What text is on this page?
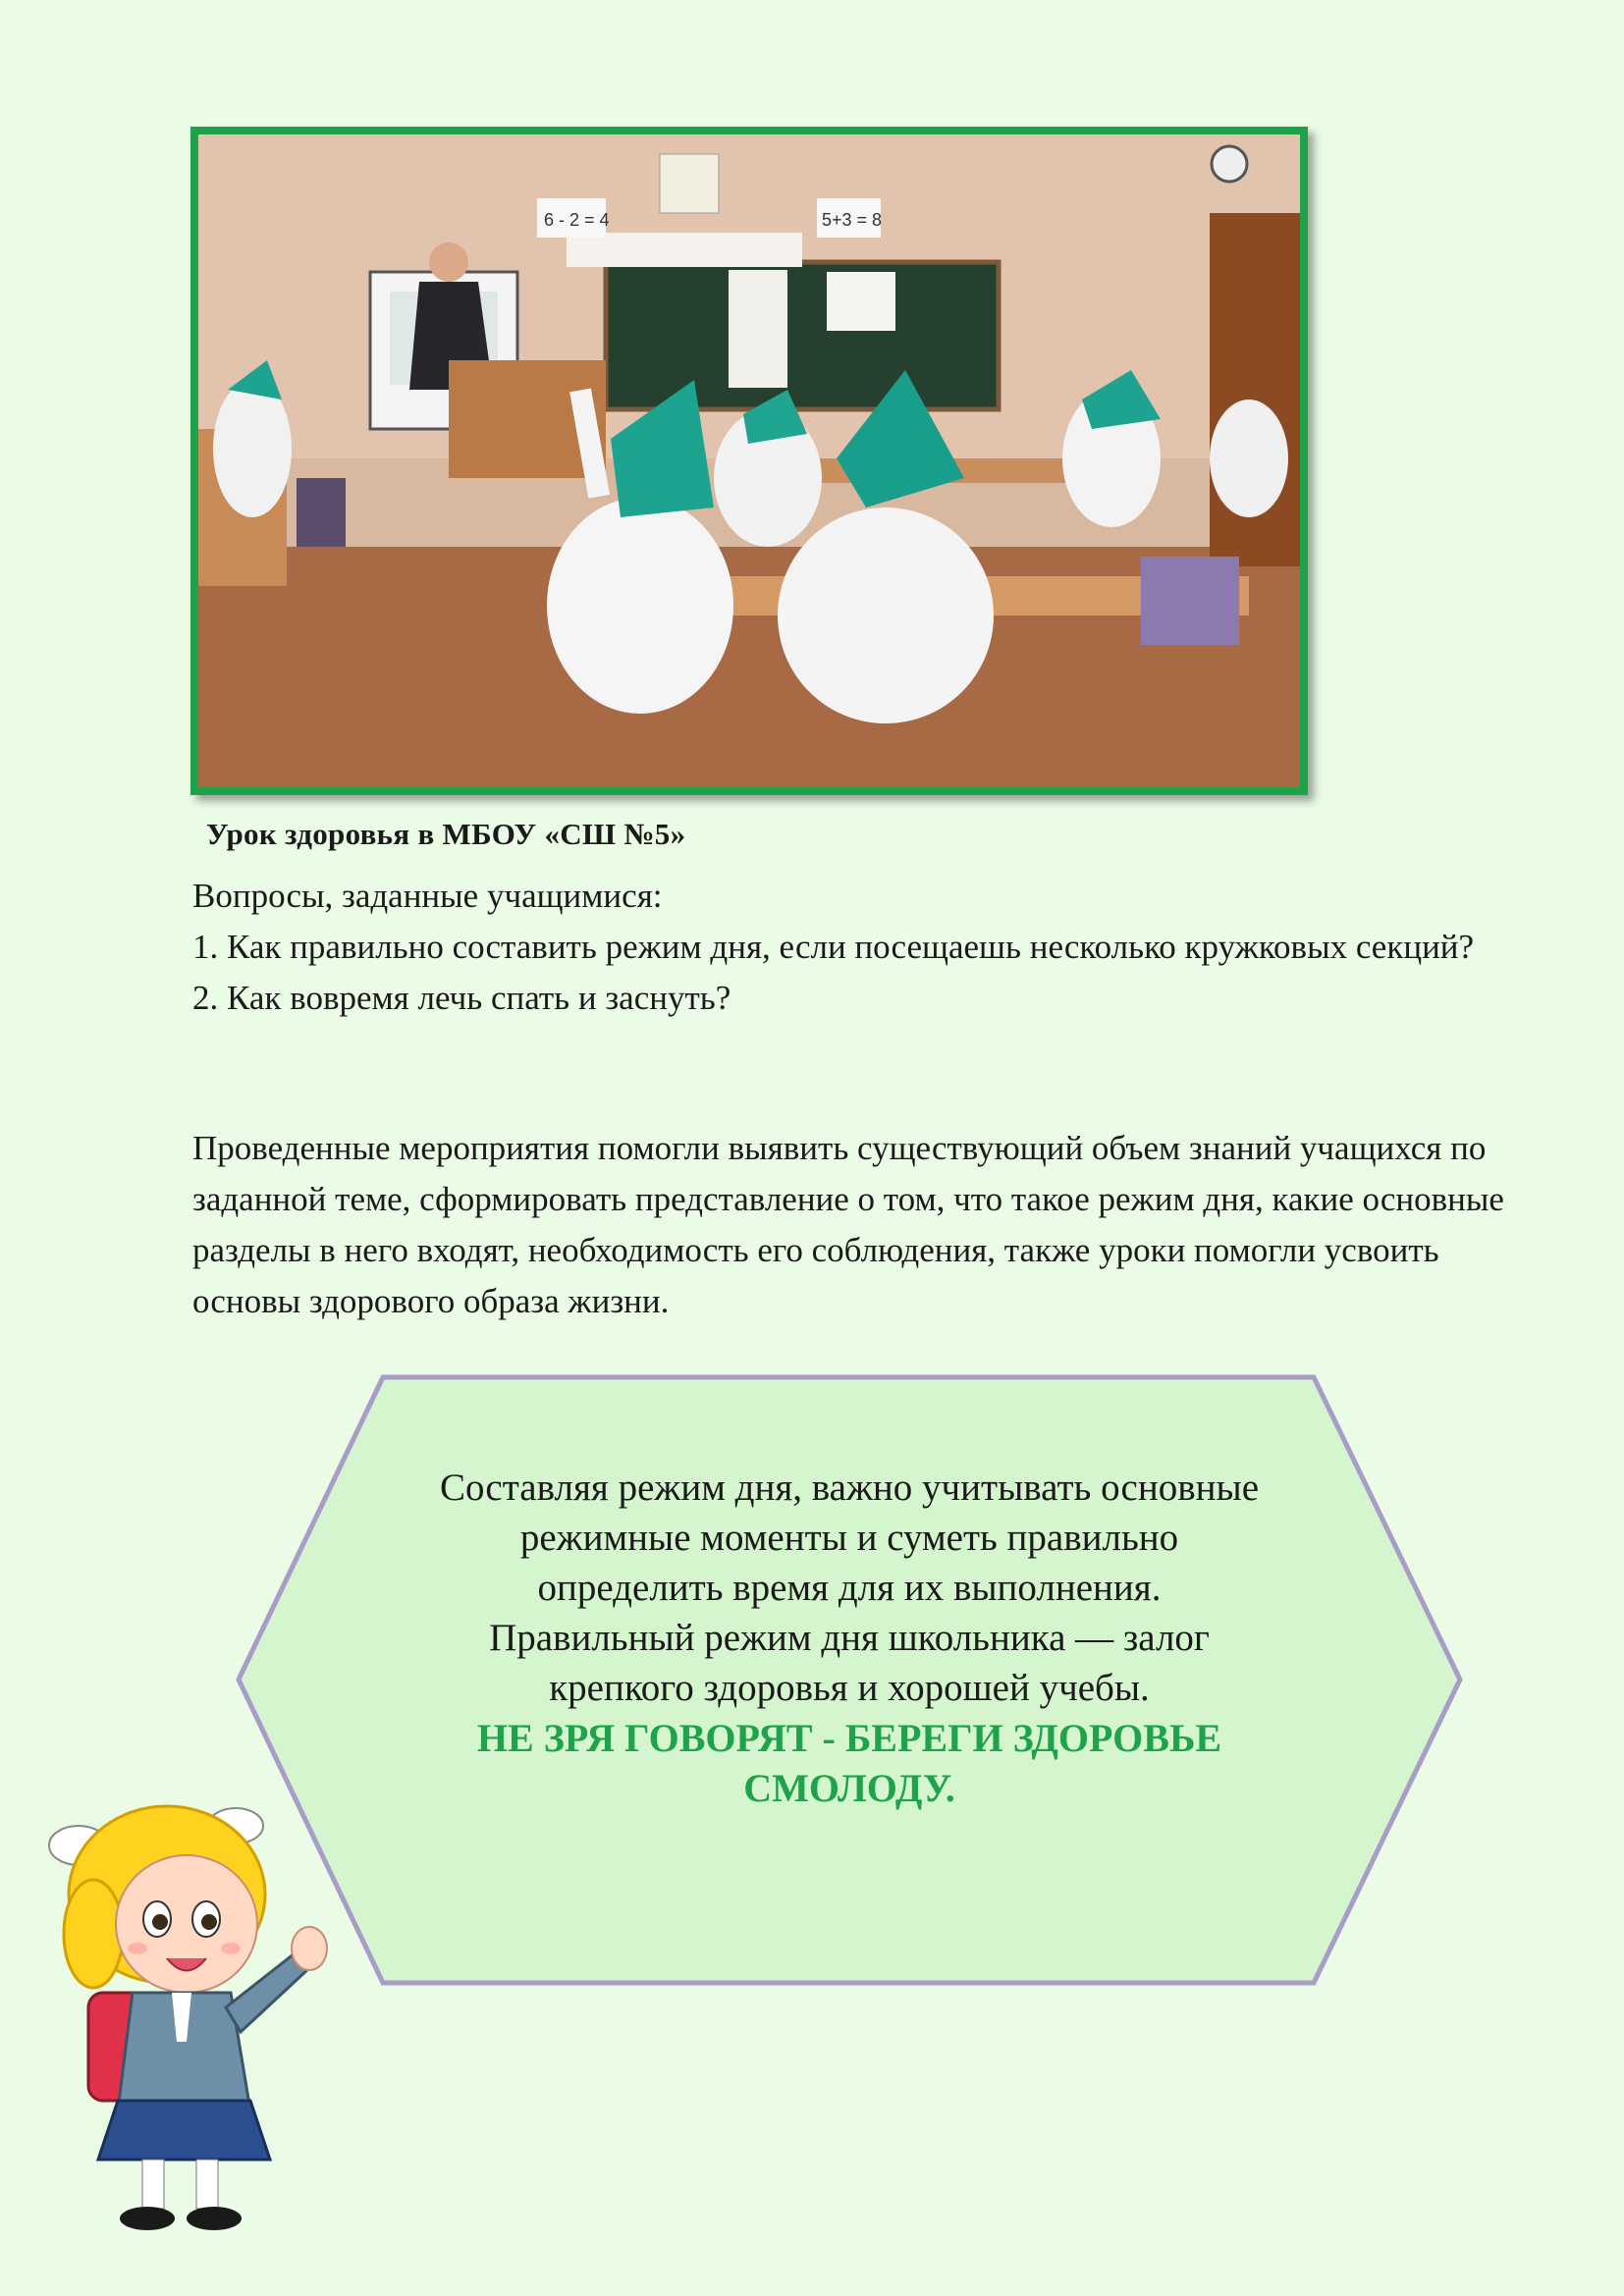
6 - 2 = 4	5+3 = 8
Урок здоровья в МБОУ «СШ №5»

Вопросы, заданные учащимися:

1. Как правильно составить режим дня, если посещаешь несколько кружковых секций?

2. Как вовремя лечь спать и заснуть?

Проведенные мероприятия помогли выявить существующий объем знаний учащихся по заданной теме, сформировать представление о том, что такое режим дня, какие основные разделы в него входят, необходимость его соблюдения, также уроки помогли усвоить основы здорового образа жизни.

Составляя режим дня, важно учитывать основные режимные моменты и суметь правильно определить время для их выполнения. Правильный режим дня школьника — залог крепкого здоровья и хорошей учебы.

НЕ ЗРЯ ГОВОРЯТ - БЕРЕГИ ЗДОРОВЬЕ СМОЛОДУ.
